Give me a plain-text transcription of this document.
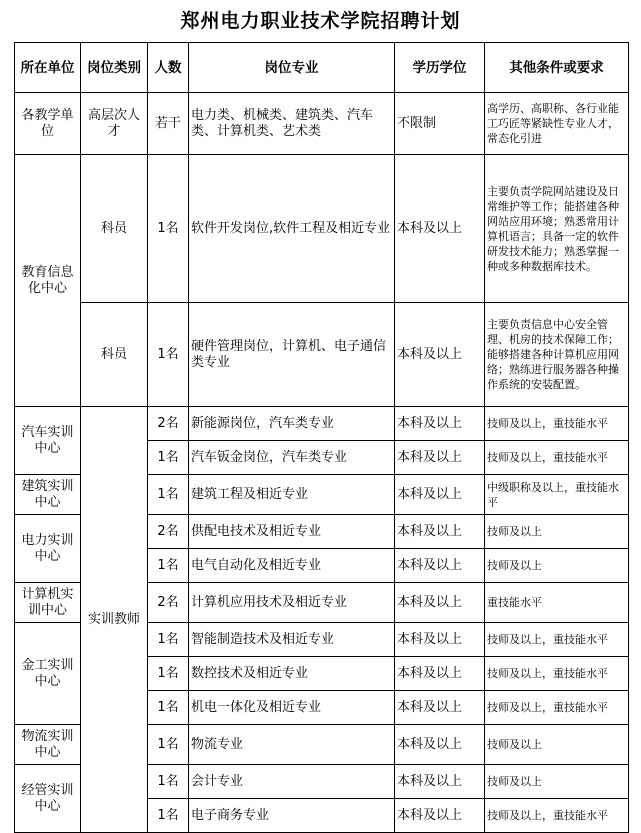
郑州电力职业技术学院招聘计划
所在单位	岗位类别	人数	岗位专业	学历学位	其他条件或要求
各教学单位	高层次人才	若干	电力类、机械类、建筑类、汽车类、计算机类、艺术类	不限制	高学历、高职称、各行业能工巧匠等紧缺性专业人才，常态化引进
教育信息化中心	科员	1名	软件开发岗位,软件工程及相近专业	本科及以上	主要负责学院网站建设及日常维护等工作；能搭建各种网站应用环境；熟悉常用计算机语言；具备一定的软件研发技术能力；熟悉掌握一种或多种数据库技术。
	科员	1名	硬件管理岗位，计算机、电子通信类专业	本科及以上	主要负责信息中心安全管理、机房的技术保障工作；能够搭建各种计算机应用网络；熟练进行服务器各种操作系统的安装配置。
汽车实训中心	实训教师	2名	新能源岗位，汽车类专业	本科及以上	技师及以上，重技能水平
		1名	汽车钣金岗位，汽车类专业	本科及以上	技师及以上，重技能水平
建筑实训中心		1名	建筑工程及相近专业	本科及以上	中级职称及以上，重技能水平
电力实训中心		2名	供配电技术及相近专业	本科及以上	技师及以上
		1名	电气自动化及相近专业	本科及以上	技师及以上
计算机实训中心		2名	计算机应用技术及相近专业	本科及以上	重技能水平
金工实训中心		1名	智能制造技术及相近专业	本科及以上	技师及以上，重技能水平
		1名	数控技术及相近专业	本科及以上	技师及以上，重技能水平
		1名	机电一体化及相近专业	本科及以上	技师及以上，重技能水平
物流实训中心		1名	物流专业	本科及以上	技师及以上
经管实训中心		1名	会计专业	本科及以上	技师及以上
		1名	电子商务专业	本科及以上	技师及以上，重技能水平
